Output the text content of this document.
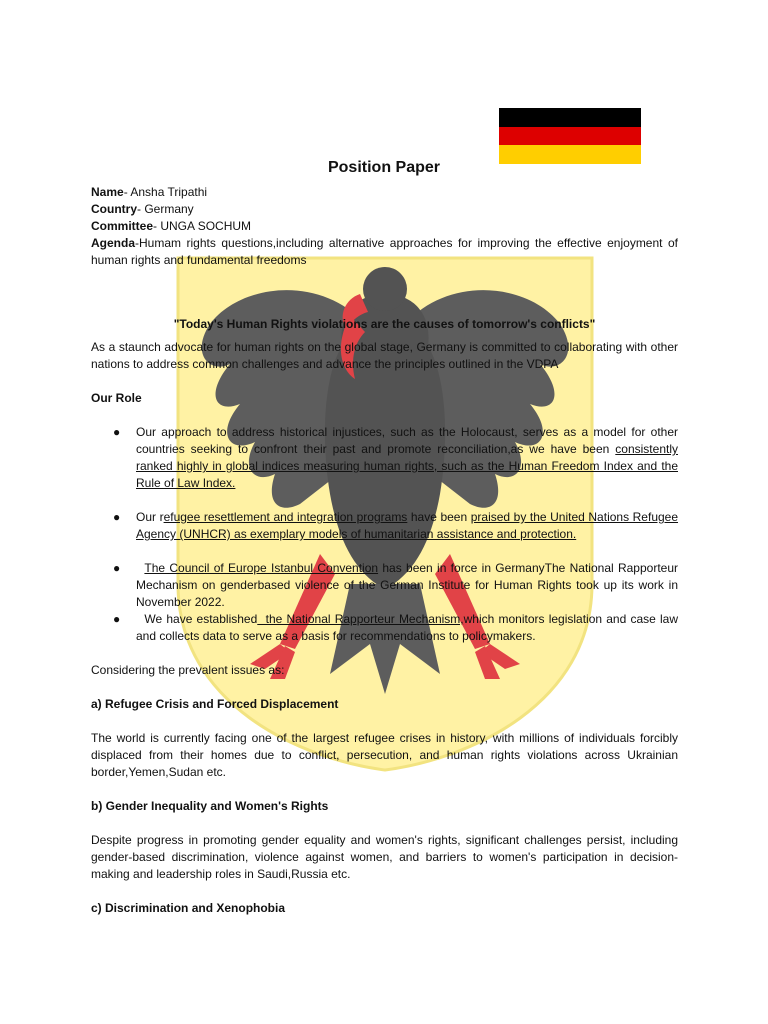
Position Paper

Name- Ansha Tripathi

Country- Germany

Committee- UNGA SOCHUM

Agenda-Humam rights questions,including alternative approaches for improving the effective enjoyment of human rights and fundamental freedoms

"Today's Human Rights violations are the causes of tomorrow's conflicts"

As a staunch advocate for human rights on the global stage, Germany is committed to collaborating with other nations to address common challenges and advance the principles outlined in the VDPA

Our Role

● Our approach to address historical injustices, such as the Holocaust, serves as a model for other countries seeking to confront their past and promote reconciliation,as we have been consistently ranked highly in global indices measuring human rights, such as the Human Freedom Index and the Rule of Law Index.
● Our refugee resettlement and integration programs have been praised by the United Nations Refugee Agency (UNHCR) as exemplary models of humanitarian assistance and protection.
● The Council of Europe Istanbul Convention has been in force in GermanyThe National Rapporteur Mechanism on genderbased violence of the German Institute for Human Rights took up its work in November 2022.
● We have established  the National Rapporteur Mechanism,which monitors legislation and case law and collects data to serve as a basis for recommendations to policymakers.

Considering the prevalent issues as:

a) Refugee Crisis and Forced Displacement

The world is currently facing one of the largest refugee crises in history, with millions of individuals forcibly displaced from their homes due to conflict, persecution, and human rights violations across Ukrainian border,Yemen,Sudan etc.

b) Gender Inequality and Women's Rights

Despite progress in promoting gender equality and women's rights, significant challenges persist, including gender-based discrimination, violence against women, and barriers to women's participation in decision-making and leadership roles in Saudi,Russia etc.

c) Discrimination and Xenophobia
